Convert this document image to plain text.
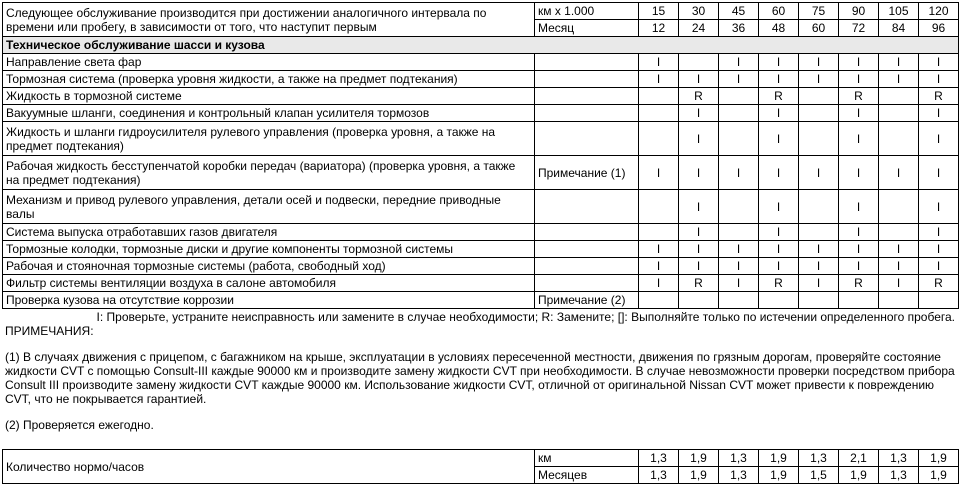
Следующее обслуживание производится при достижении аналогичного интервала по времени или пробегу, в зависимости от того, что наступит первым	км х 1.000	15	30	45	60	75	90	105	120
	Месяц	12	24	36	48	60	72	84	96
Техническое обслуживание шасси и кузова									
Направление света фар		I		I	I	I	I	I	I
Тормозная система (проверка уровня жидкости, а также на предмет подтекания)		I	I	I	I	I	I	I	I
Жидкость в тормозной системе			R		R		R		R
Вакуумные шланги, соединения и контрольный клапан усилителя тормозов			I		I		I		I
Жидкость и шланги гидроусилителя рулевого управления (проверка уровня, а также на предмет подтекания)			I		I		I		I
Рабочая жидкость бесступенчатой коробки передач (вариатора) (проверка уровня, а также на предмет подтекания)	Примечание (1)	I	I	I	I	I	I	I	I
Механизм и привод рулевого управления, детали осей и подвески, передние приводные валы			I		I		I		I
Система выпуска отработавших газов двигателя			I		I		I		I
Тормозные колодки, тормозные диски и другие компоненты тормозной системы		I	I	I	I	I	I	I	I
Рабочая и стояночная тормозные системы (работа, свободный ход)		I	I	I	I	I	I	I	I
Фильтр системы вентиляции воздуха в салоне автомобиля		I	R	I	R	I	R	I	R
Проверка кузова на отсутствие коррозии	Примечание (2)								
I: Проверьте, устраните неисправность или замените в случае необходимости; R: Замените; []: Выполняйте только по истечении определенного пробега.
ПРИМЕЧАНИЯ:
(1) В случаях движения с прицепом, с багажником на крыше, эксплуатации в условиях пересеченной местности, движения по грязным дорогам, проверяйте состояние жидкости CVT с помощью Consult-III каждые 90000 км и производите замену жидкости CVT при необходимости. В случае невозможности проверки посредством прибора Consult III производите замену жидкости CVT каждые 90000 км. Использование жидкости CVT, отличной от оригинальной Nissan CVT может привести к повреждению CVT, что не покрывается гарантией.
(2) Проверяется ежегодно.
Количество нормо/часов	км	1,3	1,9	1,3	1,9	1,3	2,1	1,3	1,9
	Месяцев	1,3	1,9	1,3	1,9	1,5	1,9	1,3	1,9
